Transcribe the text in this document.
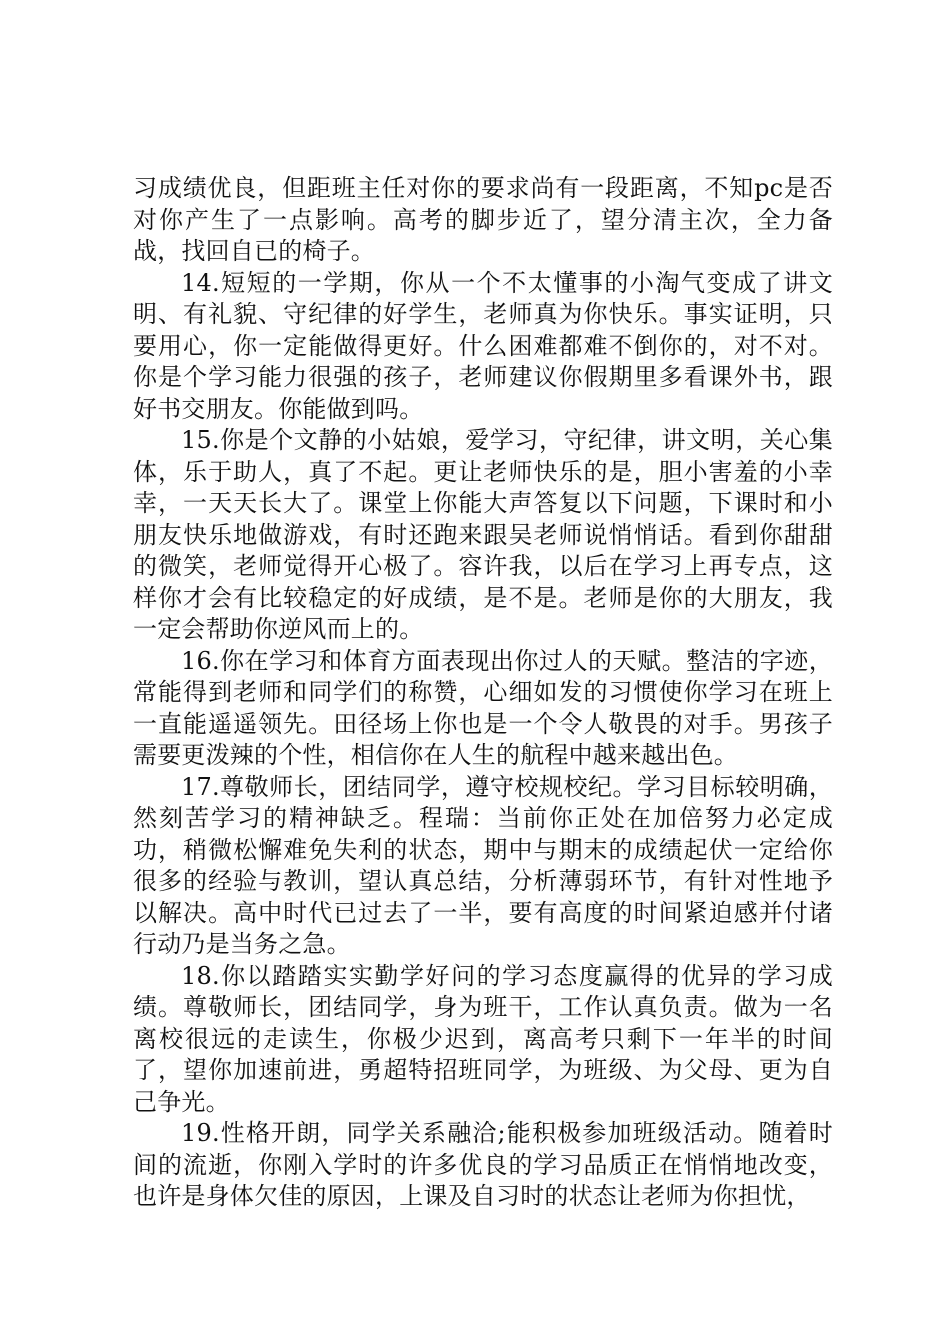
习成绩优良，但距班主任对你的要求尚有一段距离，不知pc是否对你产生了一点影响。高考的脚步近了，望分清主次，全力备战，找回自已的椅子。

14.短短的一学期，你从一个不太懂事的小淘气变成了讲文明、有礼貌、守纪律的好学生，老师真为你快乐。事实证明，只要用心，你一定能做得更好。什么困难都难不倒你的，对不对。你是个学习能力很强的孩子，老师建议你假期里多看课外书，跟好书交朋友。你能做到吗。

15.你是个文静的小姑娘，爱学习，守纪律，讲文明，关心集体，乐于助人，真了不起。更让老师快乐的是，胆小害羞的小幸幸，一天天长大了。课堂上你能大声答复以下问题，下课时和小朋友快乐地做游戏，有时还跑来跟吴老师说悄悄话。看到你甜甜的微笑，老师觉得开心极了。容许我，以后在学习上再专点，这样你才会有比较稳定的好成绩，是不是。老师是你的大朋友，我一定会帮助你逆风而上的。

16.你在学习和体育方面表现出你过人的天赋。整洁的字迹，常能得到老师和同学们的称赞，心细如发的习惯使你学习在班上一直能遥遥领先。田径场上你也是一个令人敬畏的对手。男孩子需要更泼辣的个性，相信你在人生的航程中越来越出色。

17.尊敬师长，团结同学，遵守校规校纪。学习目标较明确，然刻苦学习的精神缺乏。程瑞：当前你正处在加倍努力必定成功，稍微松懈难免失利的状态，期中与期末的成绩起伏一定给你很多的经验与教训，望认真总结，分析薄弱环节，有针对性地予以解决。高中时代已过去了一半，要有高度的时间紧迫感并付诸行动乃是当务之急。

18.你以踏踏实实勤学好问的学习态度赢得的优异的学习成绩。尊敬师长，团结同学，身为班干，工作认真负责。做为一名离校很远的走读生，你极少迟到，离高考只剩下一年半的时间了，望你加速前进，勇超特招班同学，为班级、为父母、更为自己争光。

19.性格开朗，同学关系融洽;能积极参加班级活动。随着时间的流逝，你刚入学时的许多优良的学习品质正在悄悄地改变，也许是身体欠佳的原因，上课及自习时的状态让老师为你担忧，
